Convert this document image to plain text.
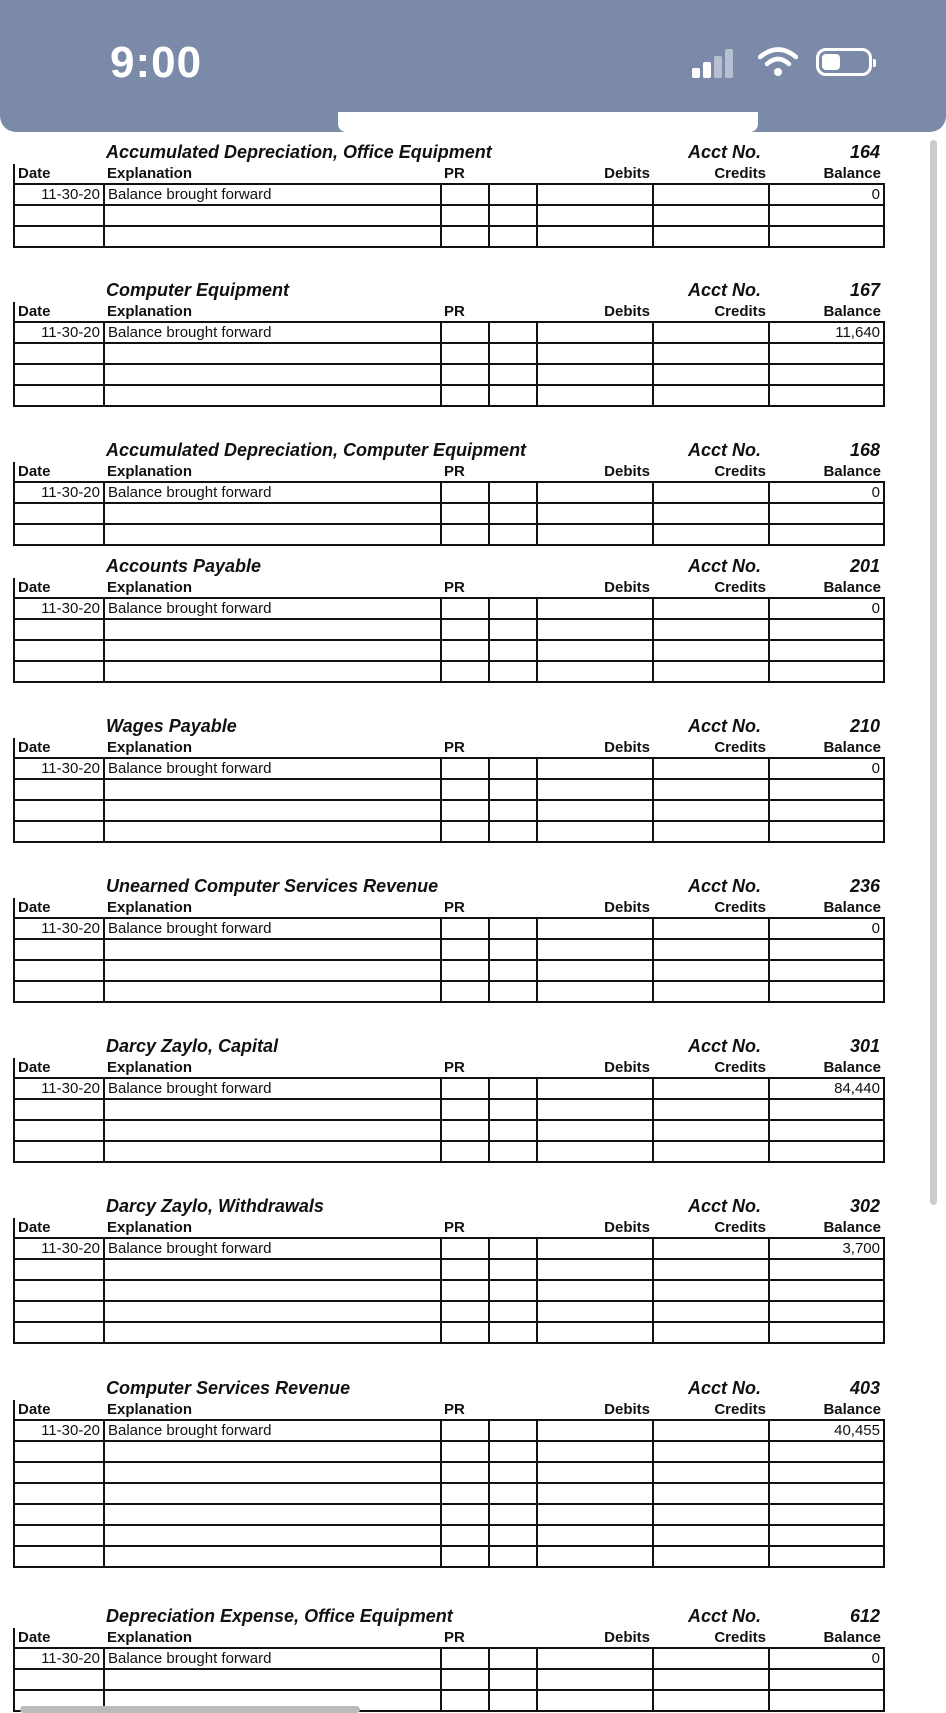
Accumulated Depreciation, Office Equipment	Acct No.	164
Date	Explanation	PR		Debits	Credits	Balance
11-30-20	Balance brought forward					0

Computer Equipment	Acct No.	167
Date	Explanation	PR		Debits	Credits	Balance
11-30-20	Balance brought forward					11,640

Accumulated Depreciation, Computer Equipment	Acct No.	168
Date	Explanation	PR		Debits	Credits	Balance
11-30-20	Balance brought forward					0

Accounts Payable	Acct No.	201
Date	Explanation	PR		Debits	Credits	Balance
11-30-20	Balance brought forward					0

Wages Payable	Acct No.	210
Date	Explanation	PR		Debits	Credits	Balance
11-30-20	Balance brought forward					0

Unearned Computer Services Revenue	Acct No.	236
Date	Explanation	PR		Debits	Credits	Balance
11-30-20	Balance brought forward					0

Darcy Zaylo, Capital	Acct No.	301
Date	Explanation	PR		Debits	Credits	Balance
11-30-20	Balance brought forward					84,440

Darcy Zaylo, Withdrawals	Acct No.	302
Date	Explanation	PR		Debits	Credits	Balance
11-30-20	Balance brought forward					3,700

Computer Services Revenue	Acct No.	403
Date	Explanation	PR		Debits	Credits	Balance
11-30-20	Balance brought forward					40,455

Depreciation Expense, Office Equipment	Acct No.	612
Date	Explanation	PR		Debits	Credits	Balance
11-30-20	Balance brought forward					0

9:00
